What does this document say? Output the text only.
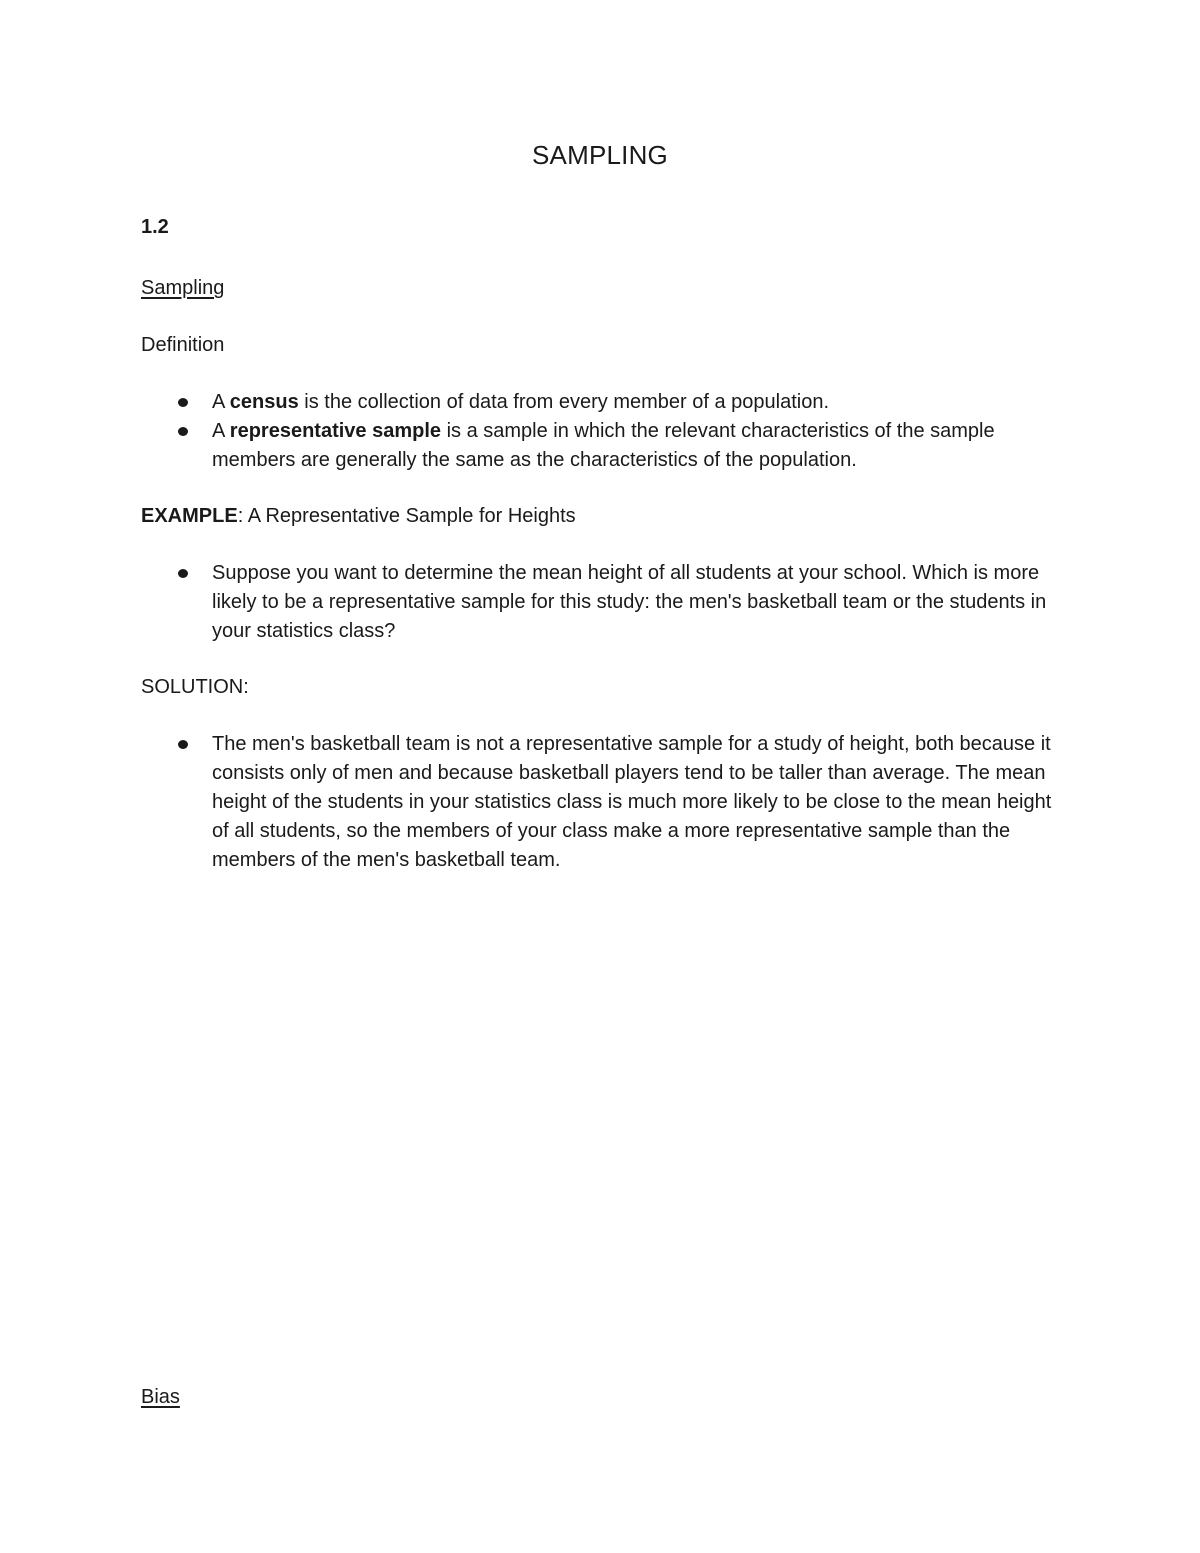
SAMPLING
1.2
Sampling
Definition
A census is the collection of data from every member of a population.
A representative sample is a sample in which the relevant characteristics of the sample members are generally the same as the characteristics of the population.
EXAMPLE: A Representative Sample for Heights
Suppose you want to determine the mean height of all students at your school. Which is more likely to be a representative sample for this study: the men's basketball team or the students in your statistics class?
SOLUTION:
The men's basketball team is not a representative sample for a study of height, both because it consists only of men and because basketball players tend to be taller than average. The mean height of the students in your statistics class is much more likely to be close to the mean height of all students, so the members of your class make a more representative sample than the members of the men's basketball team.
Bias
